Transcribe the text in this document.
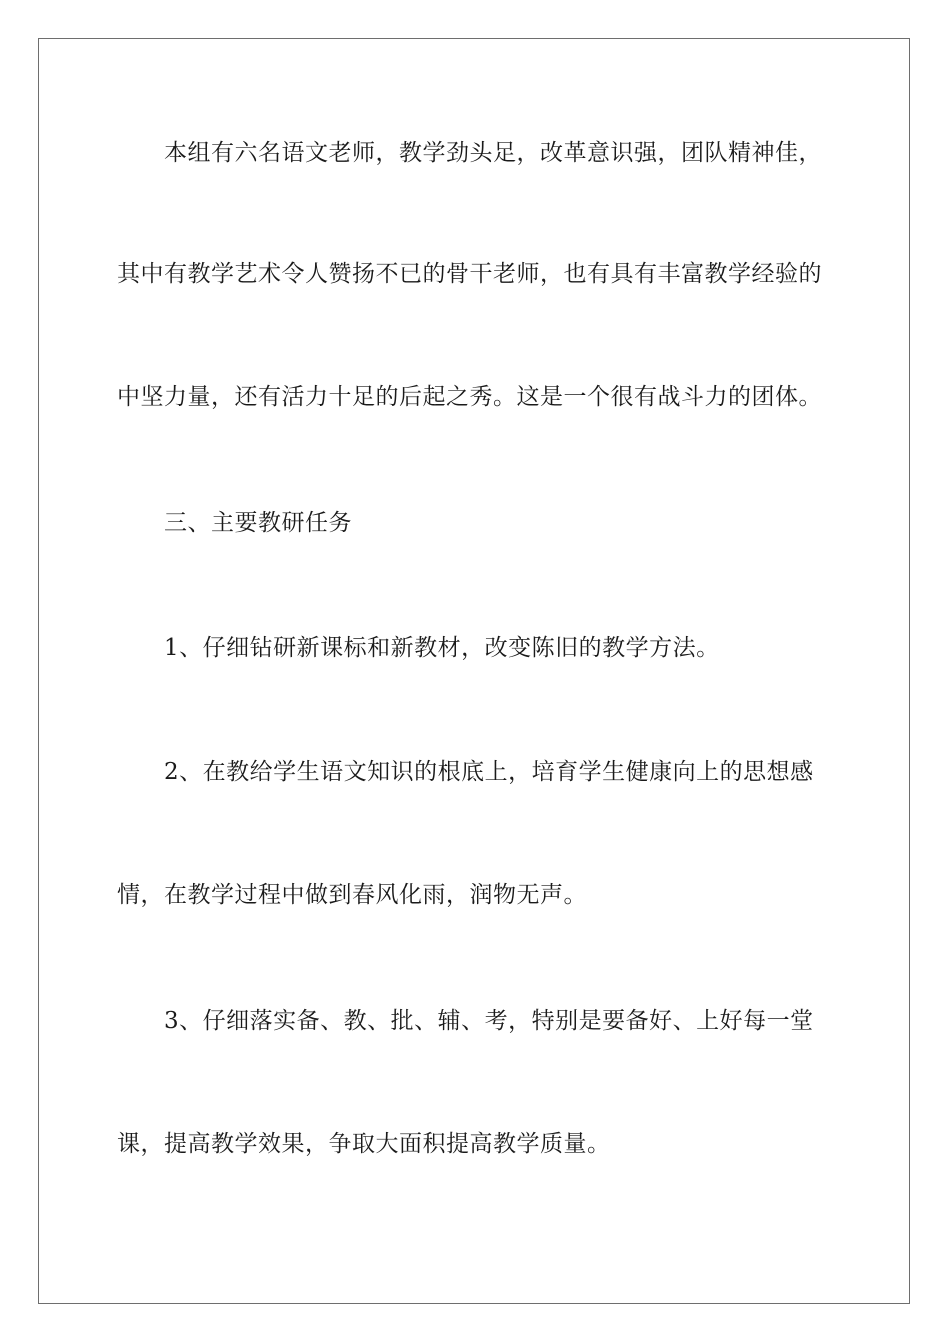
本组有六名语文老师，教学劲头足，改革意识强，团队精神佳，
其中有教学艺术令人赞扬不已的骨干老师，也有具有丰富教学经验的
中坚力量，还有活力十足的后起之秀。这是一个很有战斗力的团体。
三、主要教研任务
1、仔细钻研新课标和新教材，改变陈旧的教学方法。
2、在教给学生语文知识的根底上，培育学生健康向上的思想感
情，在教学过程中做到春风化雨，润物无声。
3、仔细落实备、教、批、辅、考，特别是要备好、上好每一堂
课，提高教学效果，争取大面积提高教学质量。
